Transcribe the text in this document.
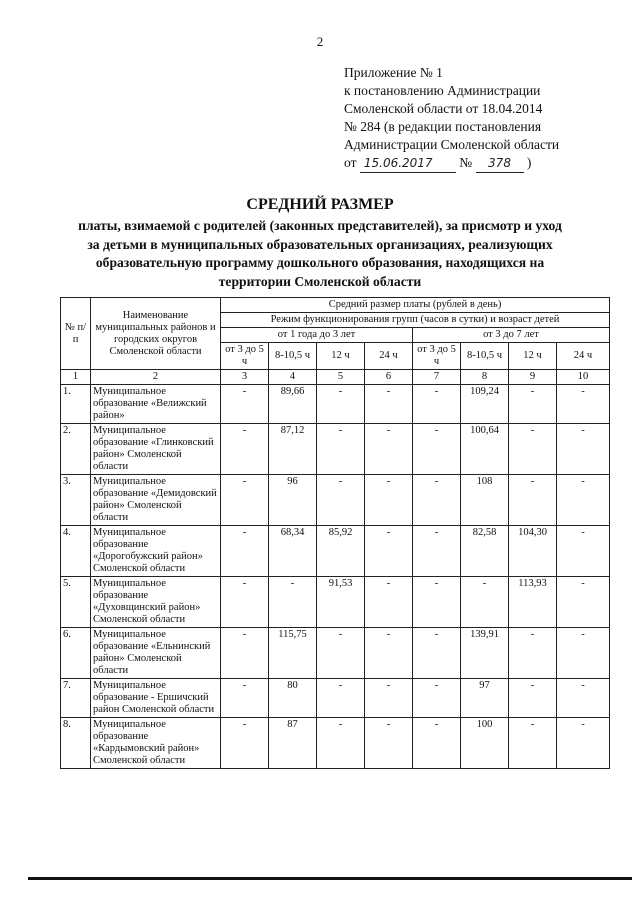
2
Приложение № 1
к постановлению Администрации
Смоленской области от 18.04.2014
№ 284 (в редакции постановления
Администрации Смоленской области
от 15.06.2017 № 378 )
СРЕДНИЙ РАЗМЕР
платы, взимаемой с родителей (законных представителей), за присмотр и уход
за детьми в муниципальных образовательных организациях, реализующих
образовательную программу дошкольного образования, находящихся на
территории Смоленской области
№ п/п	Наименование муниципальных районов и городских округов Смоленской области	Средний размер платы (рублей в день)							
		Режим функционирования групп (часов в сутки) и возраст детей							
		от 1 года до 3 лет				от 3 до 7 лет			
		от 3 до 5 ч	8-10,5 ч	12 ч	24 ч	от 3 до 5 ч	8-10,5 ч	12 ч	24 ч
1	2	3	4	5	6	7	8	9	10
1.	Муниципальное образование «Велижский район»	-	89,66	-	-	-	109,24	-	-
2.	Муниципальное образование «Глинковский район» Смоленской области	-	87,12	-	-	-	100,64	-	-
3.	Муниципальное образование «Демидовский район» Смоленской области	-	96	-	-	-	108	-	-
4.	Муниципальное образование «Дорогобужский район» Смоленской области	-	68,34	85,92	-	-	82,58	104,30	-
5.	Муниципальное образование «Духовщинский район» Смоленской области	-	-	91,53	-	-	-	113,93	-
6.	Муниципальное образование «Ельнинский район» Смоленской области	-	115,75	-	-	-	139,91	-	-
7.	Муниципальное образование - Ершичский район Смоленской области	-	80	-	-	-	97	-	-
8.	Муниципальное образование «Кардымовский район» Смоленской области	-	87	-	-	-	100	-	-
